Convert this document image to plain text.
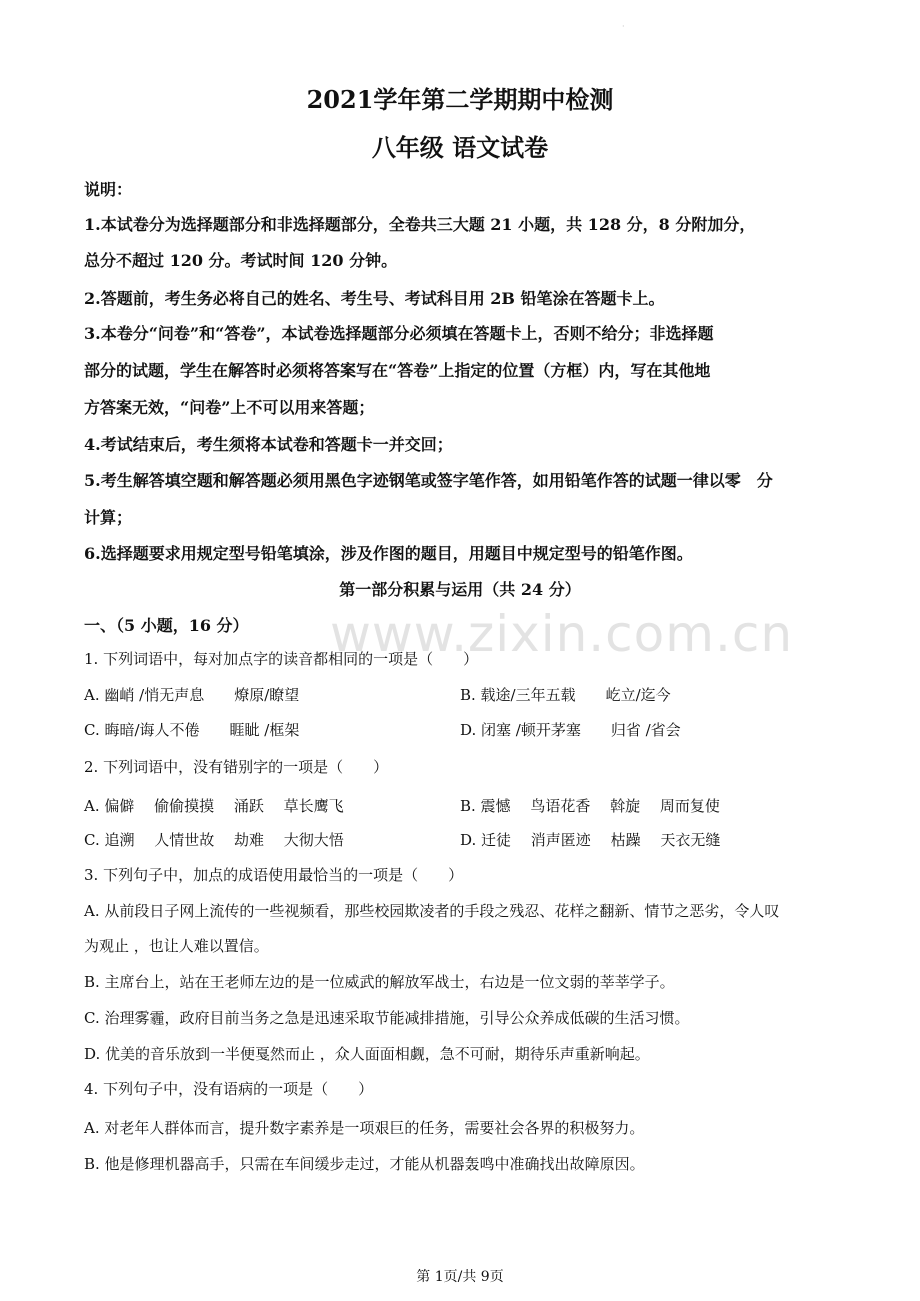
·
www.zixin.com.cn
2021学年第二学期期中检测
八年级 语文试卷
说明：
1.本试卷分为选择题部分和非选择题部分，全卷共三大题 21 小题，共 128 分，8 分附加分，
总分不超过 120 分。考试时间 120 分钟。
2.答题前，考生务必将自己的姓名、考生号、考试科目用 2B 铅笔涂在答题卡上。
3.本卷分“问卷”和“答卷”，本试卷选择题部分必须填在答题卡上，否则不给分；非选择题
部分的试题，学生在解答时必须将答案写在“答卷”上指定的位置（方框）内，写在其他地
方答案无效，“问卷”上不可以用来答题；
4.考试结束后，考生须将本试卷和答题卡一并交回；
5.考生解答填空题和解答题必须用黑色字迹钢笔或签字笔作答，如用铅笔作答的试题一律以零　分
计算；
6.选择题要求用规定型号铅笔填涂，涉及作图的题目，用题目中规定型号的铅笔作图。
第一部分积累与运用（共 24 分）
一、（5 小题，16 分）
1. 下列词语中，每对加点字的读音都相同的一项是（　　）
A. 幽峭 /悄无声息　　燎原/瞭望	B. 载途/三年五载　　屹立/迄今
C. 晦暗/诲人不倦　　睚眦 /框架	D. 闭塞 /顿开茅塞　　归省 /省会
2. 下列词语中，没有错别字的一项是（　　）
A. 偏僻　 偷偷摸摸　 涌跃　 草长鹰飞	B. 震憾　 鸟语花香　 斡旋　 周而复使
C. 追溯　 人情世故　 劫难　 大彻大悟	D. 迁徒　 消声匿迹　 枯躁　 天衣无缝
3. 下列句子中，加点的成语使用最恰当的一项是（　　）
A. 从前段日子网上流传的一些视频看，那些校园欺凌者的手段之残忍、花样之翻新、情节之恶劣，令人叹
为观止 ，也让人难以置信。
B. 主席台上，站在王老师左边的是一位威武的解放军战士，右边是一位文弱的莘莘学子。
C. 治理雾霾，政府目前当务之急是迅速采取节能减排措施，引导公众养成低碳的生活习惯。
D. 优美的音乐放到一半便戛然而止 ，众人面面相觑，急不可耐，期待乐声重新响起。
4. 下列句子中，没有语病的一项是（　　）
A. 对老年人群体而言，提升数字素养是一项艰巨的任务，需要社会各界的积极努力。
B. 他是修理机器高手，只需在车间缓步走过，才能从机器轰鸣中准确找出故障原因。
第 1页/共 9页
